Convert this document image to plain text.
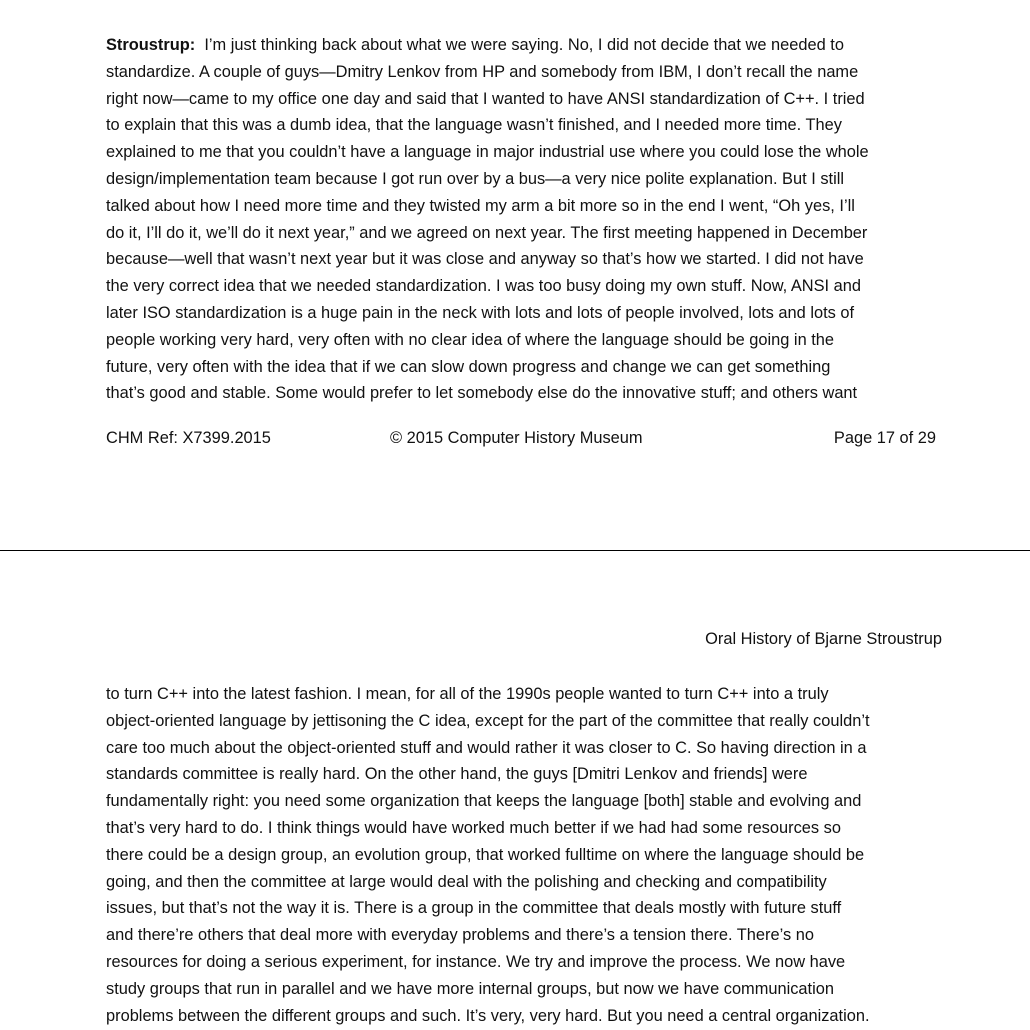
Stroustrup: I’m just thinking back about what we were saying. No, I did not decide that we needed to
standardize. A couple of guys—Dmitry Lenkov from HP and somebody from IBM, I don’t recall the name
right now—came to my office one day and said that I wanted to have ANSI standardization of C++. I tried
to explain that this was a dumb idea, that the language wasn’t finished, and I needed more time. They
explained to me that you couldn’t have a language in major industrial use where you could lose the whole
design/implementation team because I got run over by a bus—a very nice polite explanation. But I still
talked about how I need more time and they twisted my arm a bit more so in the end I went, “Oh yes, I’ll
do it, I’ll do it, we’ll do it next year,” and we agreed on next year. The first meeting happened in December
because—well that wasn’t next year but it was close and anyway so that’s how we started. I did not have
the very correct idea that we needed standardization. I was too busy doing my own stuff. Now, ANSI and
later ISO standardization is a huge pain in the neck with lots and lots of people involved, lots and lots of
people working very hard, very often with no clear idea of where the language should be going in the
future, very often with the idea that if we can slow down progress and change we can get something
that’s good and stable. Some would prefer to let somebody else do the innovative stuff; and others want

CHM Ref: X7399.2015	© 2015 Computer History Museum	Page 17 of 29
Oral History of Bjarne Stroustrup

to turn C++ into the latest fashion. I mean, for all of the 1990s people wanted to turn C++ into a truly
object-oriented language by jettisoning the C idea, except for the part of the committee that really couldn’t
care too much about the object-oriented stuff and would rather it was closer to C. So having direction in a
standards committee is really hard. On the other hand, the guys [Dmitri Lenkov and friends] were
fundamentally right: you need some organization that keeps the language [both] stable and evolving and
that’s very hard to do. I think things would have worked much better if we had had some resources so
there could be a design group, an evolution group, that worked fulltime on where the language should be
going, and then the committee at large would deal with the polishing and checking and compatibility
issues, but that’s not the way it is. There is a group in the committee that deals mostly with future stuff
and there’re others that deal more with everyday problems and there’s a tension there. There’s no
resources for doing a serious experiment, for instance. We try and improve the process. We now have
study groups that run in parallel and we have more internal groups, but now we have communication
problems between the different groups and such. It’s very, very hard. But you need a central organization.
